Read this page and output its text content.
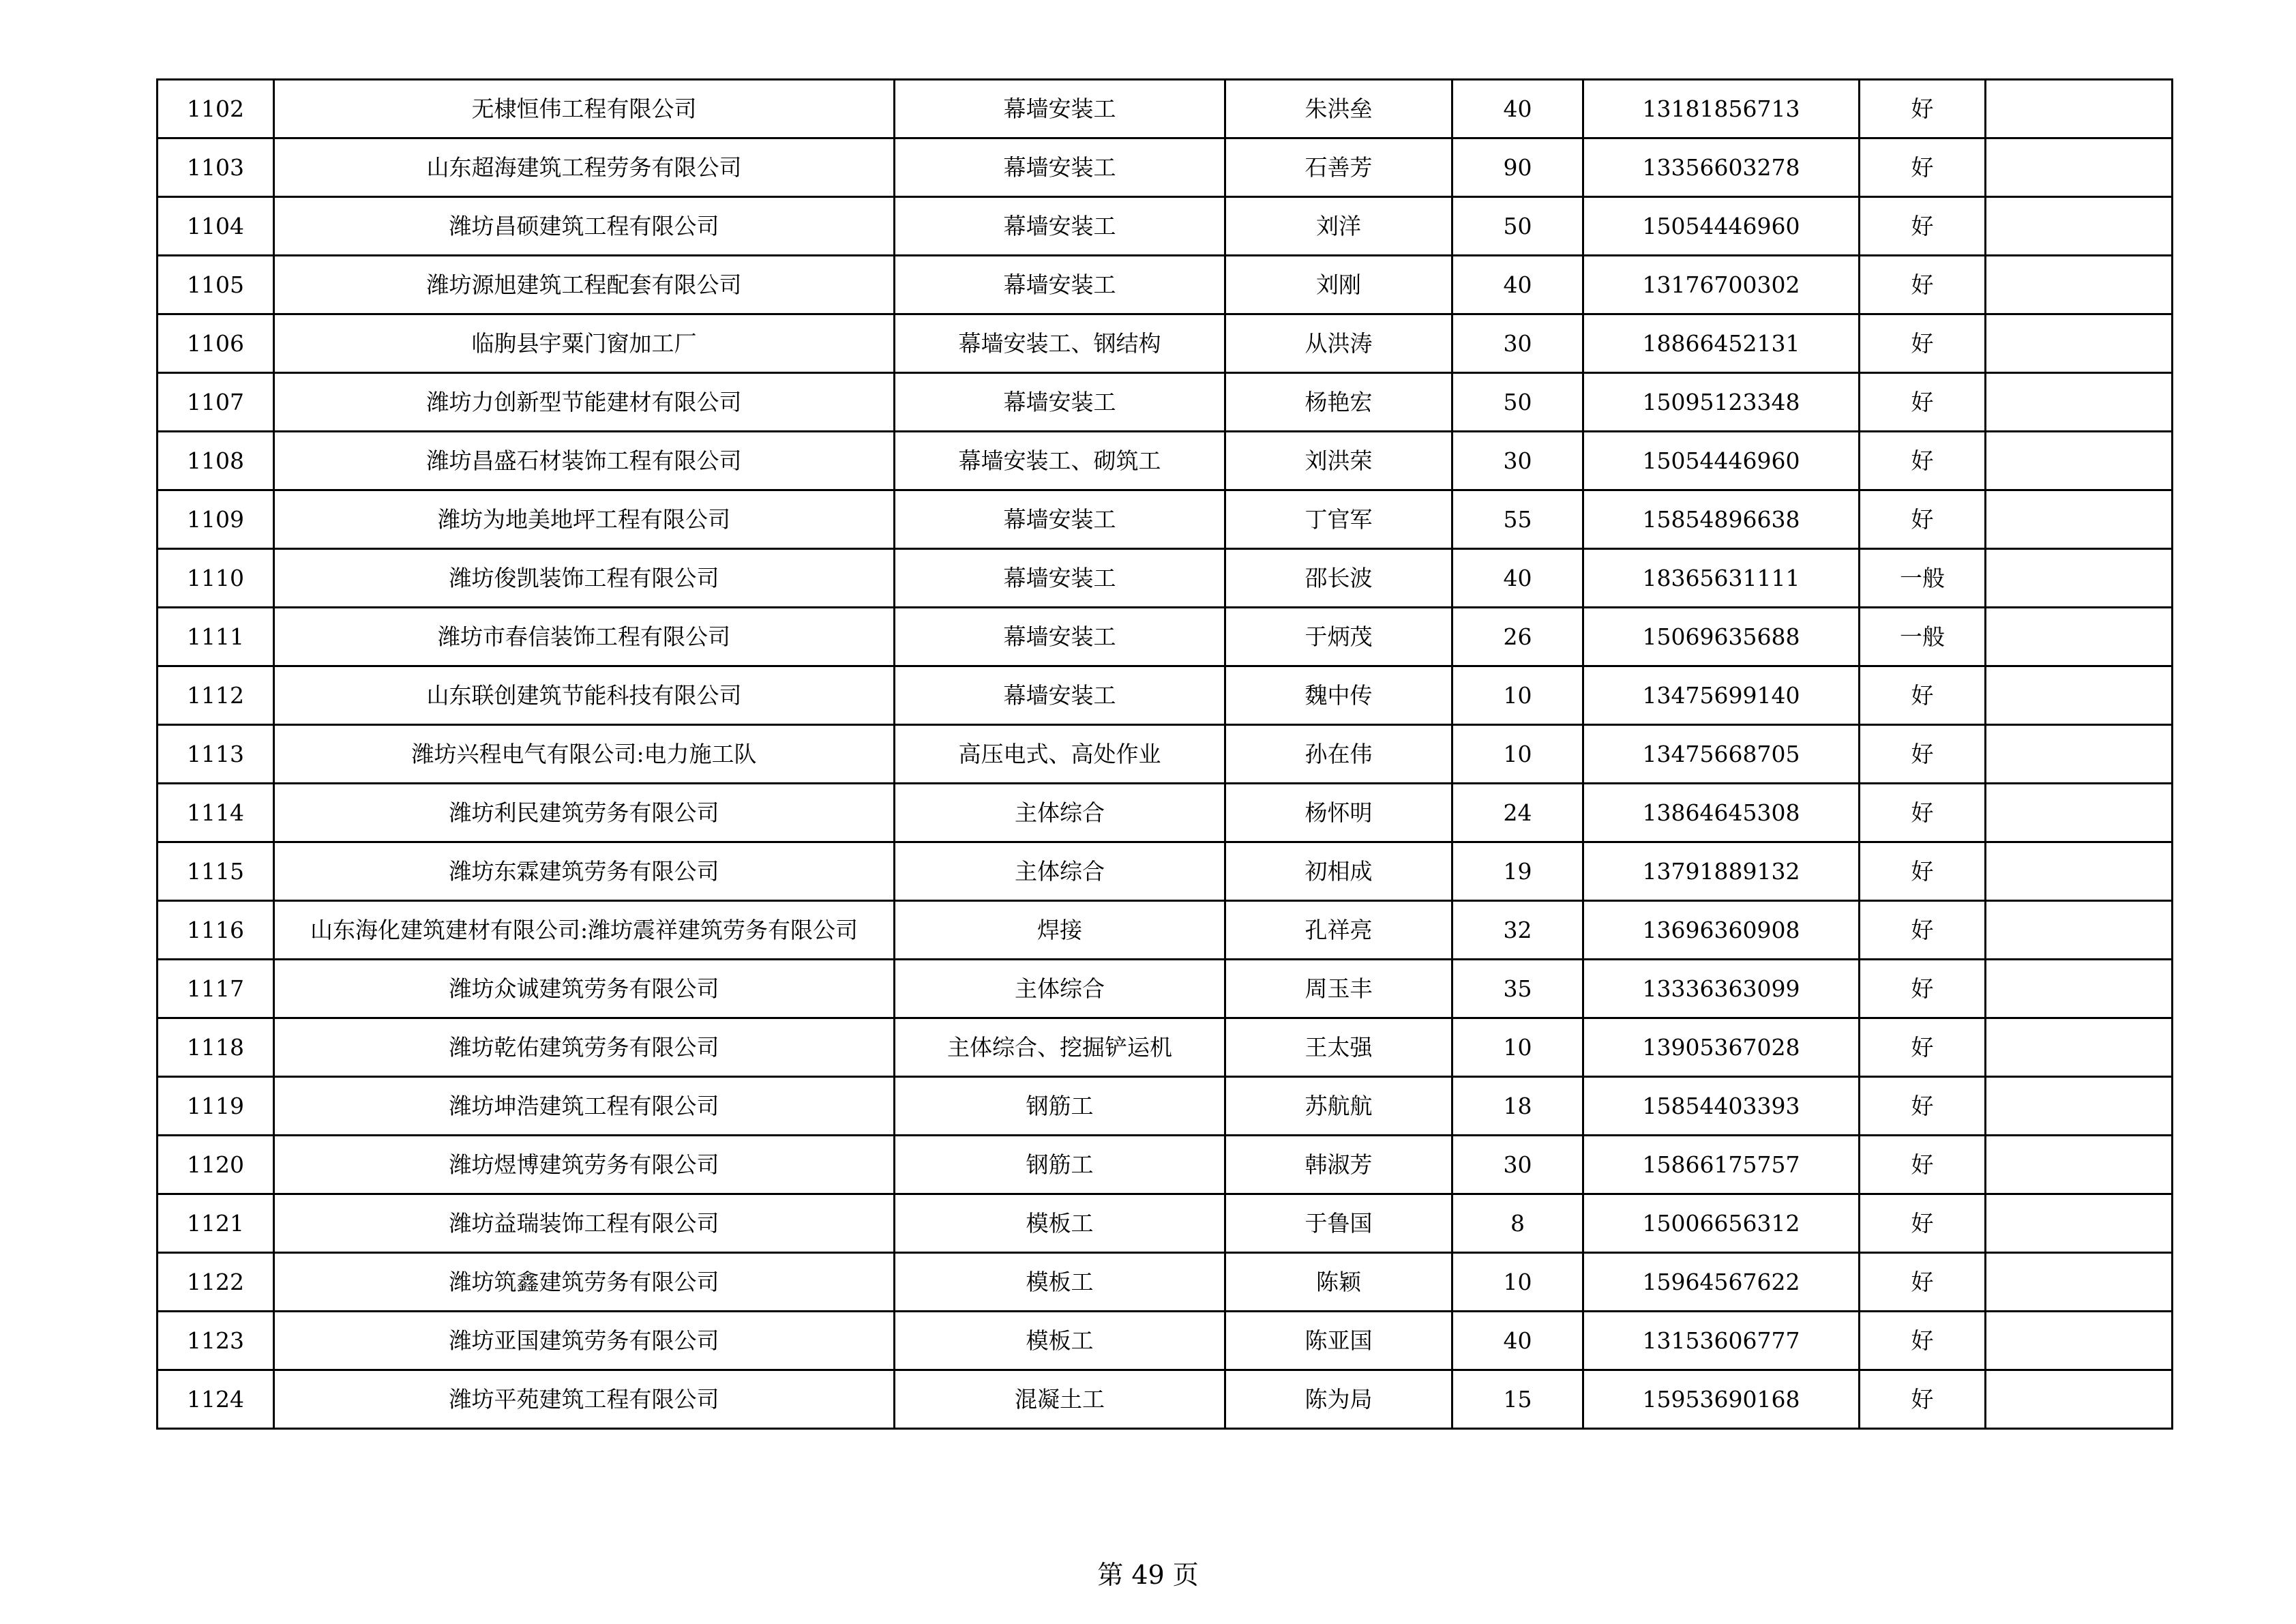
1102	无棣恒伟工程有限公司	幕墙安装工	朱洪垒	40	13181856713	好	
1103	山东超海建筑工程劳务有限公司	幕墙安装工	石善芳	90	13356603278	好	
1104	潍坊昌硕建筑工程有限公司	幕墙安装工	刘洋	50	15054446960	好	
1105	潍坊源旭建筑工程配套有限公司	幕墙安装工	刘刚	40	13176700302	好	
1106	临朐县宇粟门窗加工厂	幕墙安装工、钢结构	从洪涛	30	18866452131	好	
1107	潍坊力创新型节能建材有限公司	幕墙安装工	杨艳宏	50	15095123348	好	
1108	潍坊昌盛石材装饰工程有限公司	幕墙安装工、砌筑工	刘洪荣	30	15054446960	好	
1109	潍坊为地美地坪工程有限公司	幕墙安装工	丁官军	55	15854896638	好	
1110	潍坊俊凯装饰工程有限公司	幕墙安装工	邵长波	40	18365631111	一般	
1111	潍坊市春信装饰工程有限公司	幕墙安装工	于炳茂	26	15069635688	一般	
1112	山东联创建筑节能科技有限公司	幕墙安装工	魏中传	10	13475699140	好	
1113	潍坊兴程电气有限公司:电力施工队	高压电式、高处作业	孙在伟	10	13475668705	好	
1114	潍坊利民建筑劳务有限公司	主体综合	杨怀明	24	13864645308	好	
1115	潍坊东霖建筑劳务有限公司	主体综合	初相成	19	13791889132	好	
1116	山东海化建筑建材有限公司:潍坊震祥建筑劳务有限公司	焊接	孔祥亮	32	13696360908	好	
1117	潍坊众诚建筑劳务有限公司	主体综合	周玉丰	35	13336363099	好	
1118	潍坊乾佑建筑劳务有限公司	主体综合、挖掘铲运机	王太强	10	13905367028	好	
1119	潍坊坤浩建筑工程有限公司	钢筋工	苏航航	18	15854403393	好	
1120	潍坊煜博建筑劳务有限公司	钢筋工	韩淑芳	30	15866175757	好	
1121	潍坊益瑞装饰工程有限公司	模板工	于鲁国	8	15006656312	好	
1122	潍坊筑鑫建筑劳务有限公司	模板工	陈颖	10	15964567622	好	
1123	潍坊亚国建筑劳务有限公司	模板工	陈亚国	40	13153606777	好	
1124	潍坊平苑建筑工程有限公司	混凝土工	陈为局	15	15953690168	好	
第 49 页
